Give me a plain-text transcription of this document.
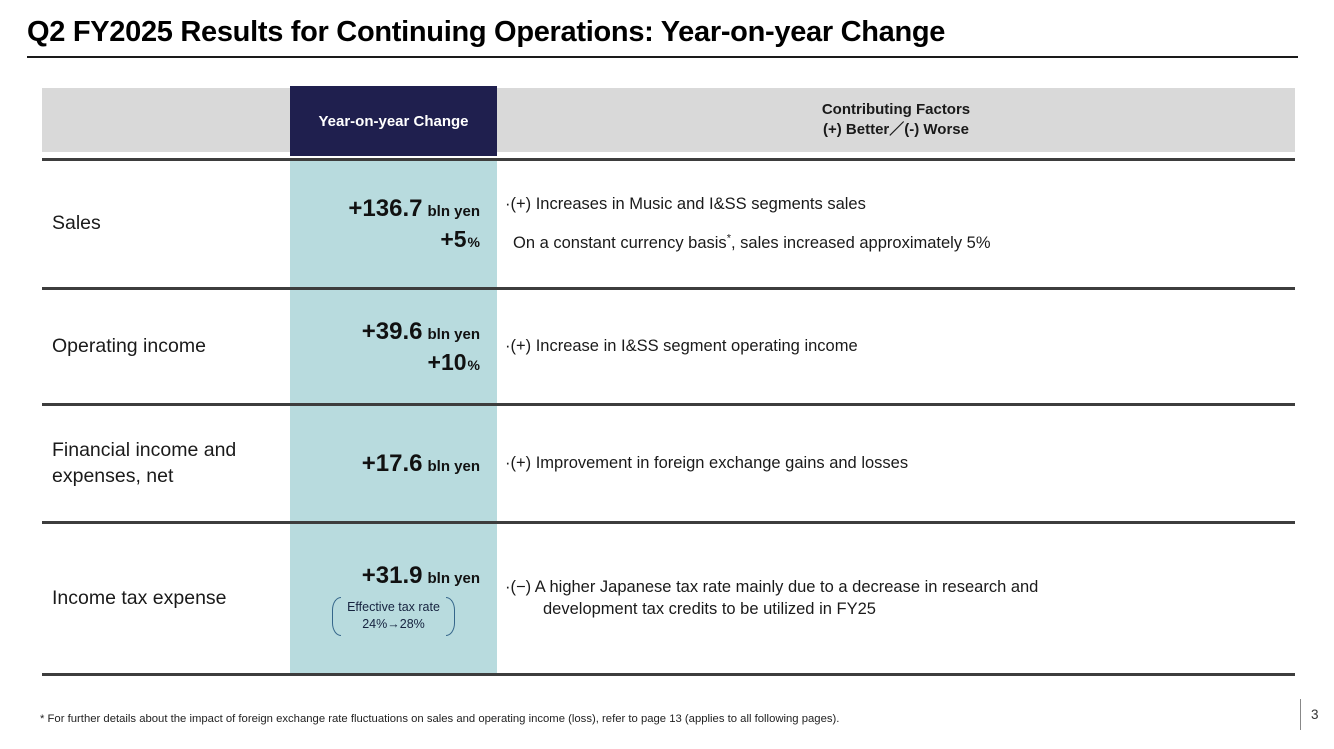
Q2 FY2025 Results for Continuing Operations: Year-on-year Change
Year-on-year Change
Contributing Factors
(+) Better／(-) Worse
Sales
+136.7 bln yen
+5 %
·(+) Increases in Music and I&SS segments sales
On a constant currency basis*, sales increased approximately 5%
Operating income
+39.6 bln yen
+10 %
·(+) Increase in I&SS segment operating income
Financial income and expenses, net	+17.6 bln yen ·(+) Improvement in foreign exchange gains and losses
Income tax expense
+31.9 bln yen
Effective tax rate
24%→28%
·(−) A higher Japanese tax rate mainly due to a decrease in research and
development tax credits to be utilized in FY25
* For further details about the impact of foreign exchange rate fluctuations on sales and operating income (loss), refer to page 13 (applies to all following pages).	3
